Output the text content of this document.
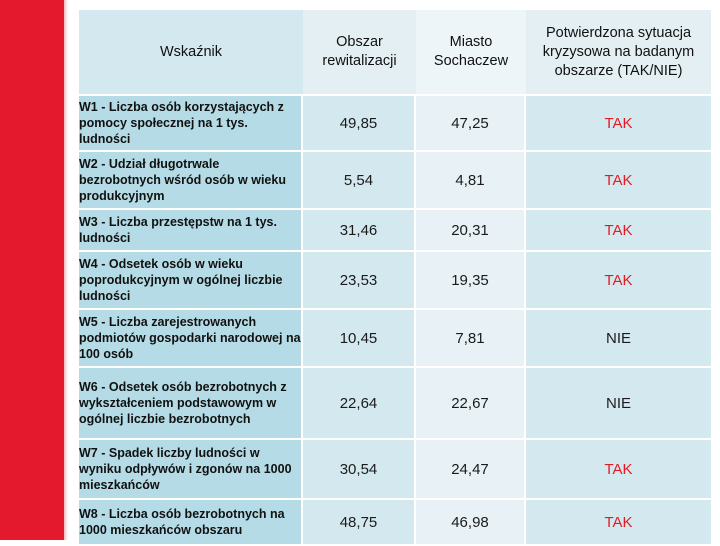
Wskaźnik	Obszar rewitalizacji	Miasto Sochaczew	Potwierdzona sytuacja kryzysowa na badanym obszarze (TAK/NIE)
W1 - Liczba osób korzystających z pomocy społecznej na 1 tys. ludności	49,85	47,25	TAK
W2 - Udział długotrwale bezrobotnych wśród osób w wieku produkcyjnym	5,54	4,81	TAK
W3 - Liczba przestępstw na 1 tys. ludności	31,46	20,31	TAK
W4 - Odsetek osób w wieku poprodukcyjnym w ogólnej liczbie ludności	23,53	19,35	TAK
W5 - Liczba zarejestrowanych podmiotów gospodarki narodowej na 100 osób	10,45	7,81	NIE
W6 - Odsetek osób bezrobotnych z wykształceniem podstawowym w ogólnej liczbie bezrobotnych	22,64	22,67	NIE
W7 - Spadek liczby ludności w wyniku odpływów i zgonów na 1000 mieszkańców	30,54	24,47	TAK
W8 - Liczba osób bezrobotnych na 1000 mieszkańców obszaru	48,75	46,98	TAK
